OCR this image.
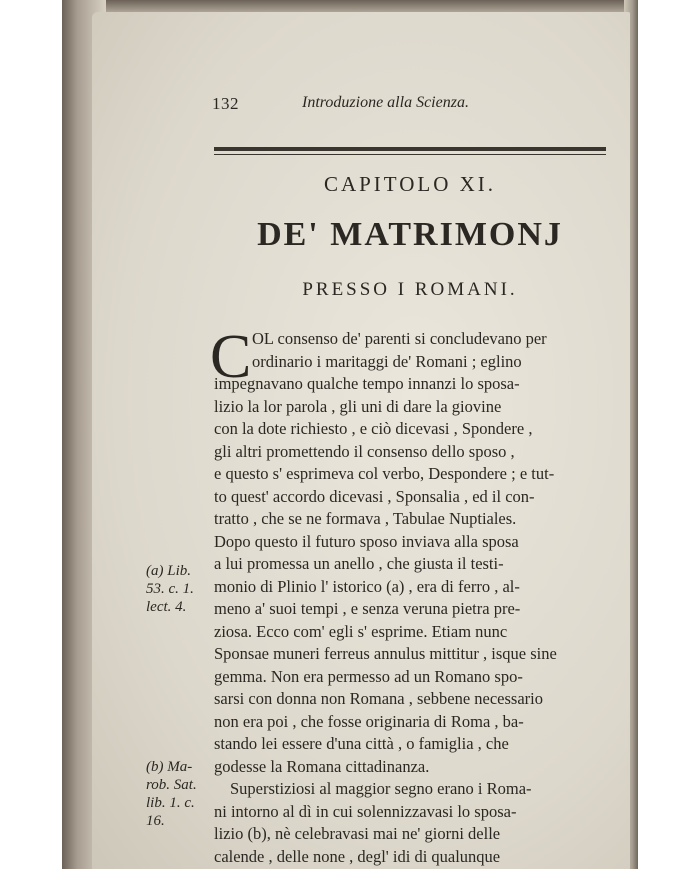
132	Introduzione alla Scienza.
CAPITOLO XI.
DE' MATRIMONJ
PRESSO I ROMANI.
C OL consenso de' parenti si concludevano per
ordinario i maritaggi de' Romani ; eglino
impegnavano qualche tempo innanzi lo sposa-
lizio la lor parola , gli uni di dare la giovine
con la dote richiesto , e ciò dicevasi , Spondere ,
gli altri promettendo il consenso dello sposo ,
e questo s' esprimeva col verbo, Despondere ; e tut-
to quest' accordo dicevasi , Sponsalia , ed il con-
tratto , che se ne formava , Tabulae Nuptiales.
Dopo questo il futuro sposo inviava alla sposa
a lui promessa un anello , che giusta il testi-
monio di Plinio l' istorico (a) , era di ferro , al-
meno a' suoi tempi , e senza veruna pietra pre-
ziosa. Ecco com' egli s' esprime. Etiam nunc
Sponsae muneri ferreus annulus mittitur , isque sine
gemma. Non era permesso ad un Romano spo-
sarsi con donna non Romana , sebbene necessario
non era poi , che fosse originaria di Roma , ba-
stando lei essere d'una città , o famiglia , che
godesse la Romana cittadinanza.
Superstiziosi al maggior segno erano i Roma-
ni intorno al dì in cui solennizzavasi lo sposa-
lizio (b), nè celebravasi mai ne' giorni delle
calende , delle none , degl' idi di qualunque
(a) Lib.
53. c. 1.
lect. 4.
(b) Ma-
rob. Sat.
lib. 1. c.
16.
